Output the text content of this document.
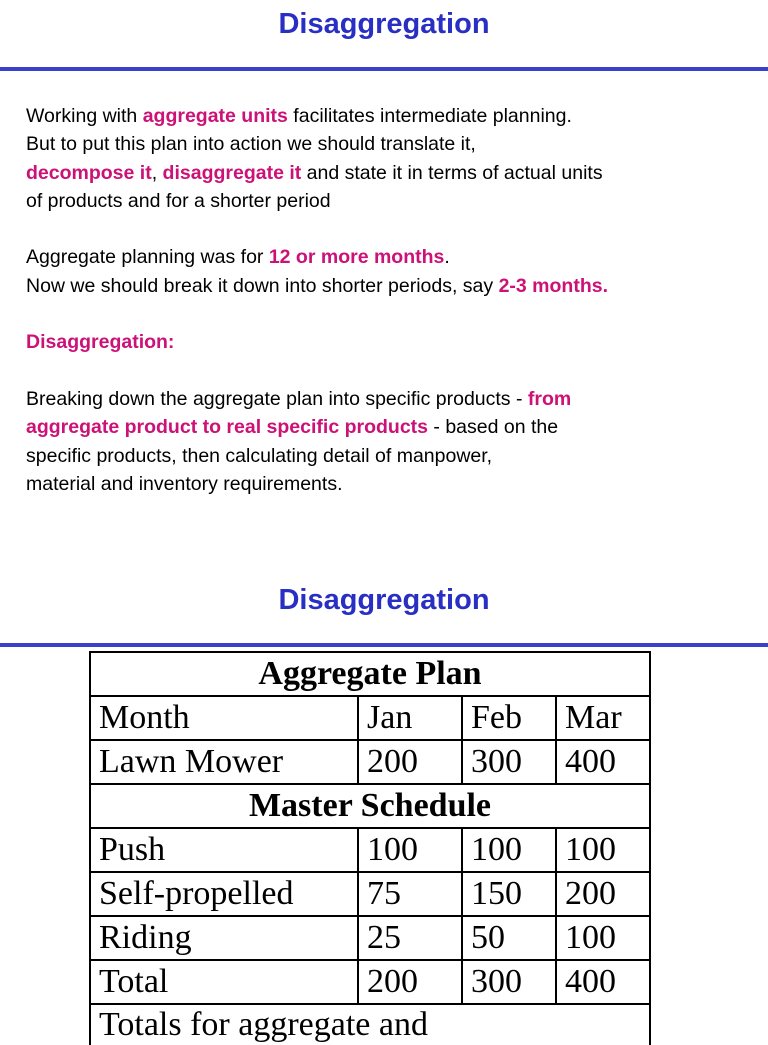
Disaggregation
Working with aggregate units facilitates intermediate planning.
But to put this plan into action we should translate it,
decompose it, disaggregate it and state it in terms of actual units
of products and for a shorter period
Aggregate planning was for 12 or more months.
Now we should break it down into shorter periods, say 2-3 months.
Disaggregation:
Breaking down the aggregate plan into specific products - from
aggregate product to real specific products - based on the
specific products, then calculating detail of manpower,
material and inventory requirements.
Disaggregation
Aggregate Plan			
Month	Jan	Feb	Mar
Lawn Mower	200	300	400
Master Schedule			
Push	100	100	100
Self-propelled	75	150	200
Riding	25	50	100
Total	200	300	400
Totals for aggregate and			
